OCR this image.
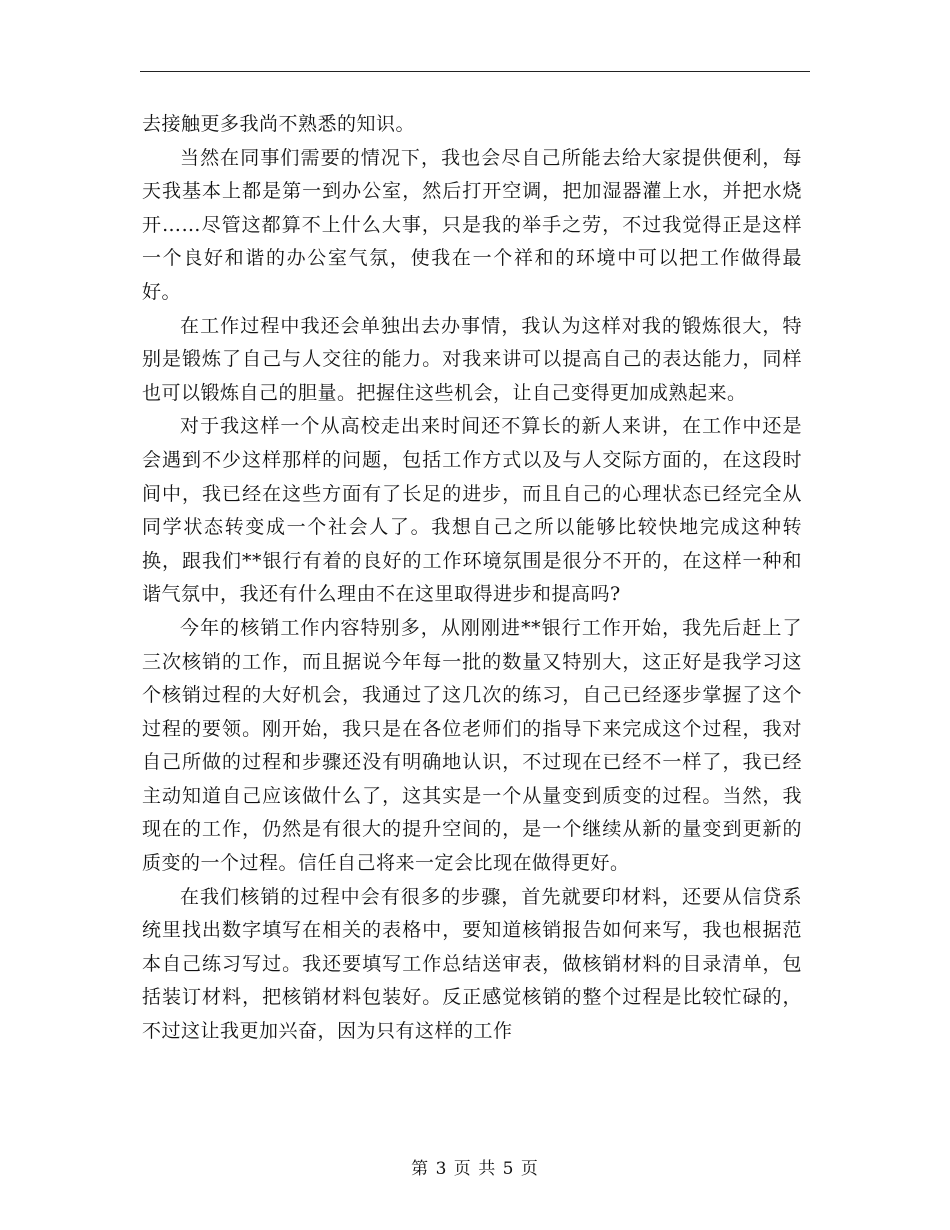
去接触更多我尚不熟悉的知识。

当然在同事们需要的情况下，我也会尽自己所能去给大家提供便利，每天我基本上都是第一到办公室，然后打开空调，把加湿器灌上水，并把水烧开……尽管这都算不上什么大事，只是我的举手之劳，不过我觉得正是这样一个良好和谐的办公室气氛，使我在一个祥和的环境中可以把工作做得最好。

在工作过程中我还会单独出去办事情，我认为这样对我的锻炼很大，特别是锻炼了自己与人交往的能力。对我来讲可以提高自己的表达能力，同样也可以锻炼自己的胆量。把握住这些机会，让自己变得更加成熟起来。

对于我这样一个从高校走出来时间还不算长的新人来讲，在工作中还是会遇到不少这样那样的问题，包括工作方式以及与人交际方面的，在这段时间中，我已经在这些方面有了长足的进步，而且自己的心理状态已经完全从同学状态转变成一个社会人了。我想自己之所以能够比较快地完成这种转换，跟我们**银行有着的良好的工作环境氛围是很分不开的，在这样一种和谐气氛中，我还有什么理由不在这里取得进步和提高吗?

今年的核销工作内容特别多，从刚刚进**银行工作开始，我先后赶上了三次核销的工作，而且据说今年每一批的数量又特别大，这正好是我学习这个核销过程的大好机会，我通过了这几次的练习，自己已经逐步掌握了这个过程的要领。刚开始，我只是在各位老师们的指导下来完成这个过程，我对自己所做的过程和步骤还没有明确地认识，不过现在已经不一样了，我已经主动知道自己应该做什么了，这其实是一个从量变到质变的过程。当然，我现在的工作，仍然是有很大的提升空间的，是一个继续从新的量变到更新的质变的一个过程。信任自己将来一定会比现在做得更好。

在我们核销的过程中会有很多的步骤，首先就要印材料，还要从信贷系统里找出数字填写在相关的表格中，要知道核销报告如何来写，我也根据范本自己练习写过。我还要填写工作总结送审表，做核销材料的目录清单，包括装订材料，把核销材料包装好。反正感觉核销的整个过程是比较忙碌的，不过这让我更加兴奋，因为只有这样的工作

第 3 页 共 5 页
